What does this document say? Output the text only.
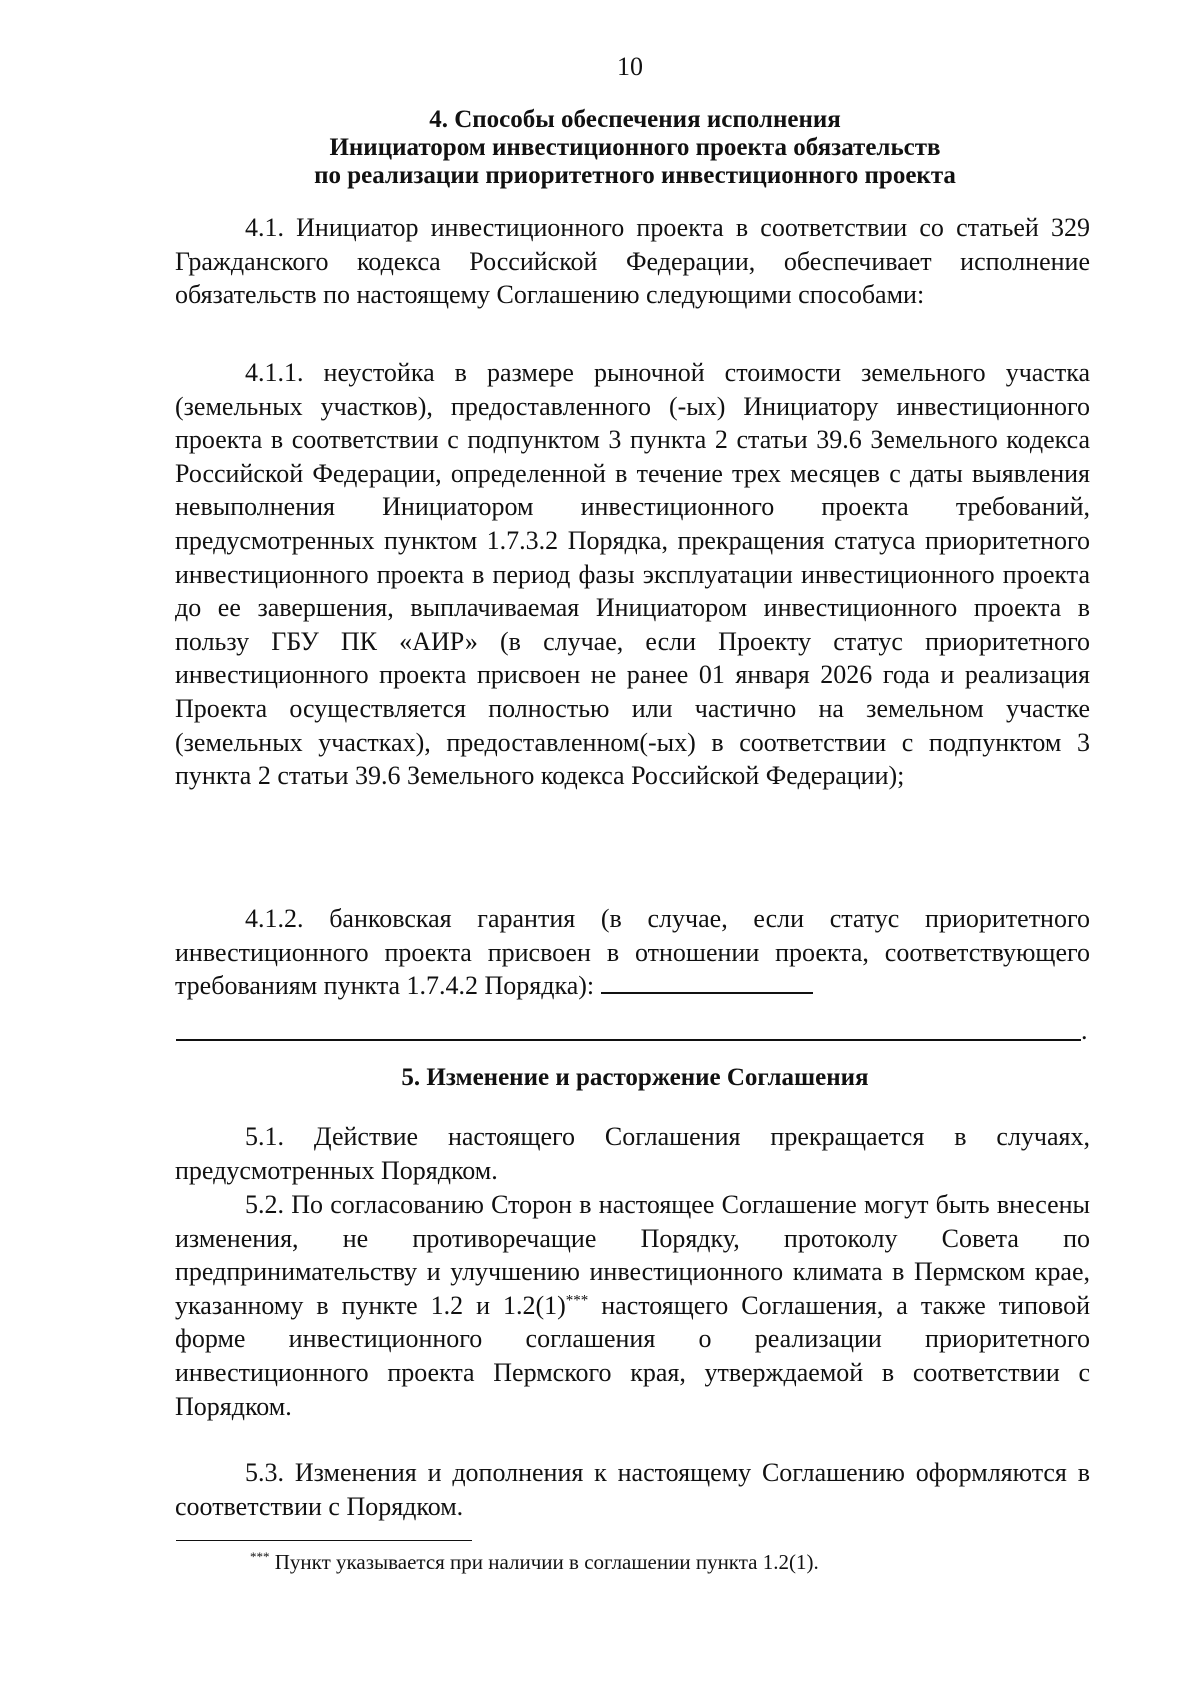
10
4. Способы обеспечения исполнения
Инициатором инвестиционного проекта обязательств
по реализации приоритетного инвестиционного проекта

4.1. Инициатор инвестиционного проекта в соответствии со статьей 329 Гражданского кодекса Российской Федерации, обеспечивает исполнение обязательств по настоящему Соглашению следующими способами:

4.1.1. неустойка в размере рыночной стоимости земельного участка (земельных участков), предоставленного (-ых) Инициатору инвестиционного проекта в соответствии с подпунктом 3 пункта 2 статьи 39.6 Земельного кодекса Российской Федерации, определенной в течение трех месяцев с даты выявления невыполнения Инициатором инвестиционного проекта требований, предусмотренных пунктом 1.7.3.2 Порядка, прекращения статуса приоритетного инвестиционного проекта в период фазы эксплуатации инвестиционного проекта до ее завершения, выплачиваемая Инициатором инвестиционного проекта в пользу ГБУ ПК «АИР» (в случае, если Проекту статус приоритетного инвестиционного проекта присвоен не ранее 01 января 2026 года и реализация Проекта осуществляется полностью или частично на земельном участке (земельных участках), предоставленном(-ых) в соответствии с подпунктом 3 пункта 2 статьи 39.6 Земельного кодекса Российской Федерации);

4.1.2. банковская гарантия (в случае, если статус приоритетного инвестиционного проекта присвоен в отношении проекта, соответствующего требованиям пункта 1.7.4.2 Порядка):

.
5. Изменение и расторжение Соглашения

5.1. Действие настоящего Соглашения прекращается в случаях, предусмотренных Порядком.

5.2. По согласованию Сторон в настоящее Соглашение могут быть внесены изменения, не противоречащие Порядку, протоколу Совета по предпринимательству и улучшению инвестиционного климата в Пермском крае, указанному в пункте 1.2 и 1.2(1)*** настоящего Соглашения, а также типовой форме инвестиционного соглашения о реализации приоритетного инвестиционного проекта Пермского края, утверждаемой в соответствии с Порядком.

5.3. Изменения и дополнения к настоящему Соглашению оформляются в соответствии с Порядком.

*** Пункт указывается при наличии в соглашении пункта 1.2(1).
